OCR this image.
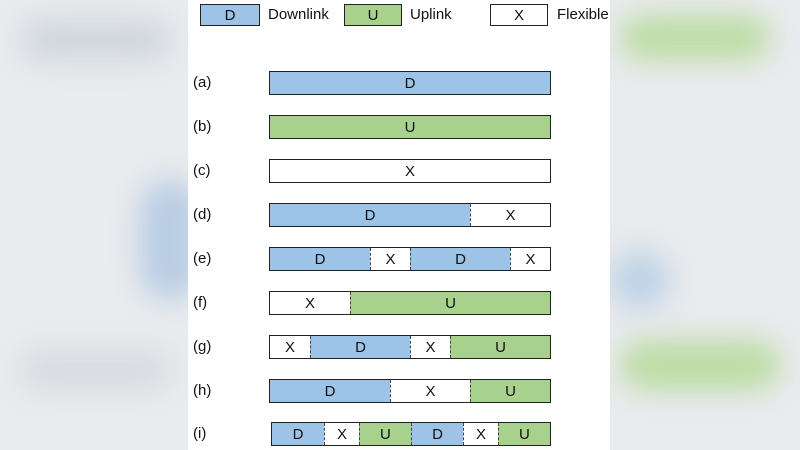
D Downlink	U Uplink	X Flexible
(a)	D
(b)	U
(c)	X
(d)	D	X
(e)	D	X	D	X
(f)	X	U
(g)	X	D	X	U
(h)	D	X	U
(i)	D	X	U	D	X	U
